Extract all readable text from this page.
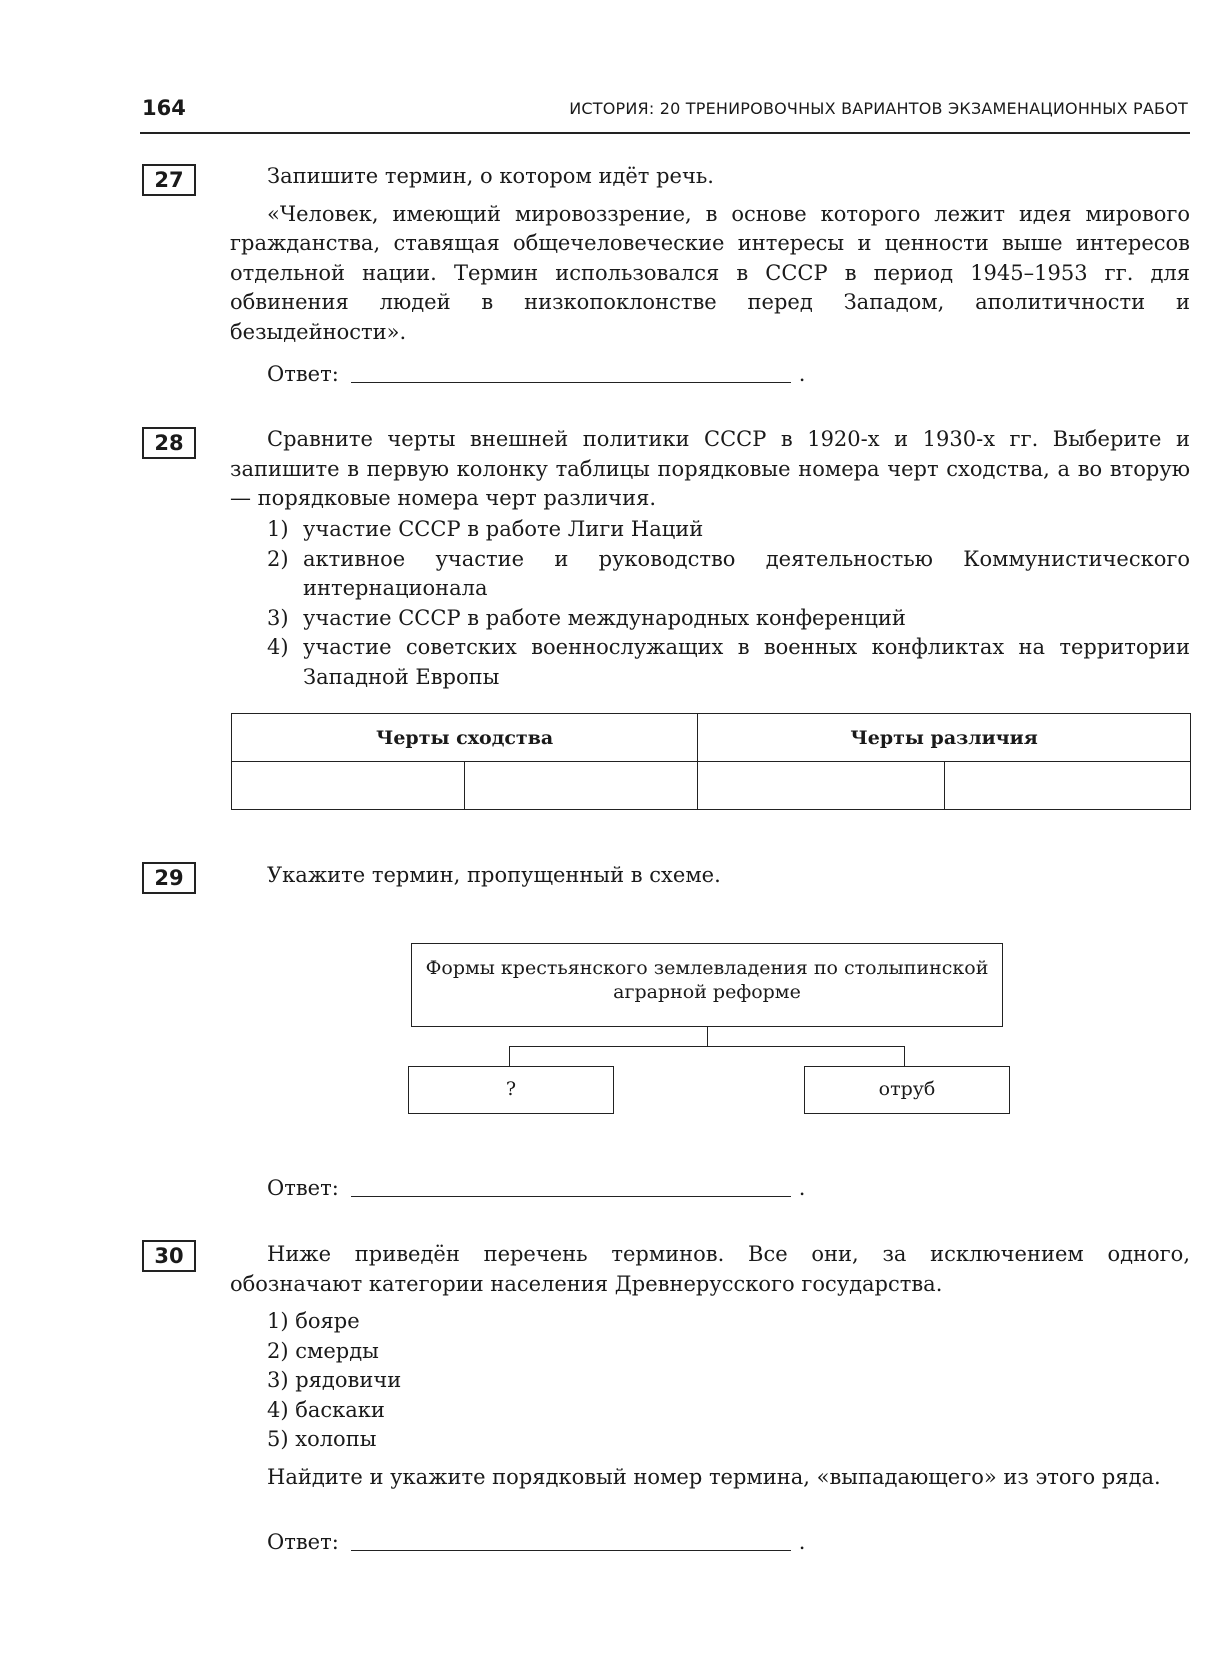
164	ИСТОРИЯ: 20 ТРЕНИРОВОЧНЫХ ВАРИАНТОВ ЭКЗАМЕНАЦИОННЫХ РАБОТ
27	Запишите термин, о котором идёт речь.

«Человек, имеющий мировоззрение, в основе которого лежит идея мирового гражданства, ставящая общечеловеческие интересы и ценности выше интересов отдельной нации. Термин использовался в СССР в период 1945–1953 гг. для обвинения людей в низкопоклонстве перед Западом, аполитичности и безыдейности».

Ответ:	.
28	Сравните черты внешней политики СССР в 1920-х и 1930-х гг. Выберите и запишите в первую колонку таблицы порядковые номера черт сходства, а во вторую — порядковые номера черт различия.
1) участие СССР в работе Лиги Наций
2) активное участие и руководство деятельностью Коммунистического интернационала
3) участие СССР в работе международных конференций
4) участие советских военнослужащих в военных конфликтах на территории Западной Европы
Черты сходства		Черты различия	

29	Укажите термин, пропущенный в схеме.
Формы крестьянского землевладения по столыпинской аграрной реформе
?	отруб
Ответ:	.
30	Ниже приведён перечень терминов. Все они, за исключением одного, обозначают категории населения Древнерусского государства.
1) бояре
2) смерды
3) рядовичи
4) баскаки
5) холопы
Найдите и укажите порядковый номер термина, «выпадающего» из этого ряда.
Ответ:	.
